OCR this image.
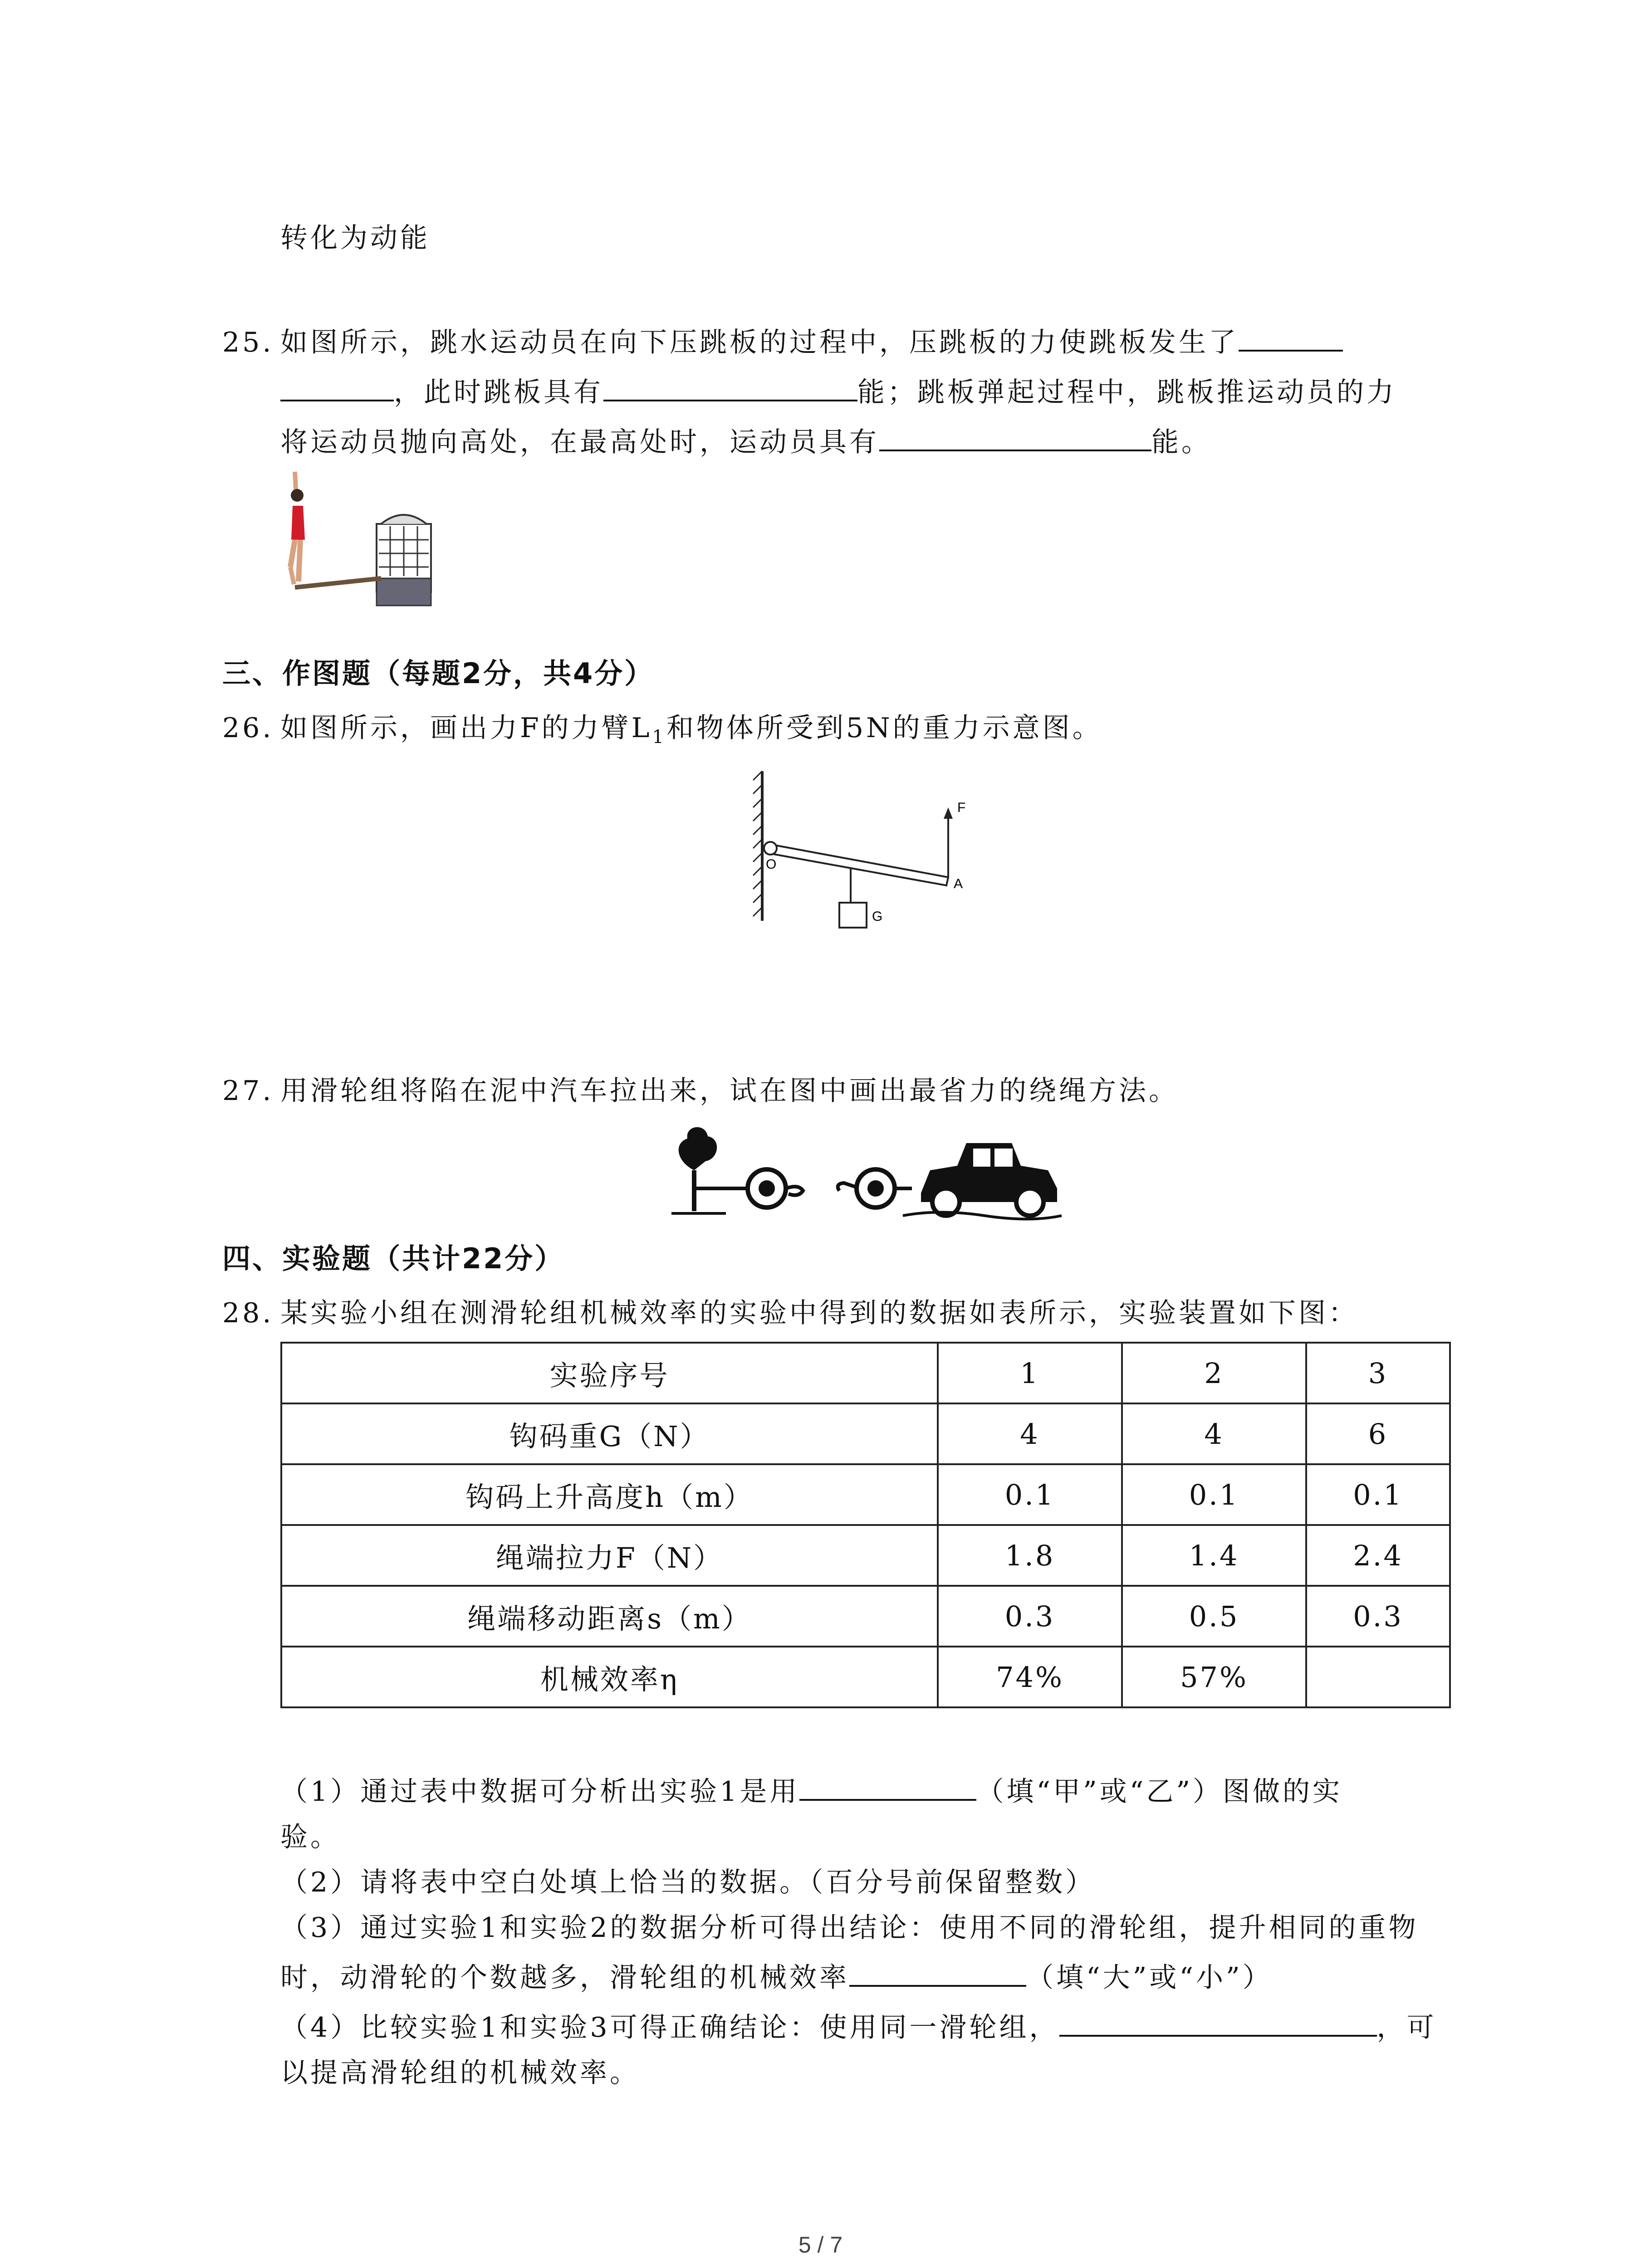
转化为动能
25. 如图所示，跳水运动员在向下压跳板的过程中，压跳板的力使跳板发生了
，此时跳板具有	能；跳板弹起过程中，跳板推运动员的力
将运动员抛向高处，在最高处时，运动员具有	能。
三、作图题（每题2分，共4分）
26. 如图所示，画出力F的力臂$L_1$和物体所受到5N的重力示意图。
F
O
A
G
27. 用滑轮组将陷在泥中汽车拉出来，试在图中画出最省力的绕绳方法。
四、实验题（共计22分）
28. 某实验小组在测滑轮组机械效率的实验中得到的数据如表所示，实验装置如下图：
实验序号	1	2	3
钩码重G（N）	4	4	6
钩码上升高度h（m）	0.1	0.1	0.1
绳端拉力F（N）	1.8	1.4	2.4
绳端移动距离s（m）	0.3	0.5	0.3
机械效率η	74%	57%	
（1）通过表中数据可分析出实验1是用	（填“甲”或“乙”）图做的实
验。
（2）请将表中空白处填上恰当的数据。（百分号前保留整数）
（3）通过实验1和实验2的数据分析可得出结论：使用不同的滑轮组，提升相同的重物
时，动滑轮的个数越多，滑轮组的机械效率	（填“大”或“小”）
（4）比较实验1和实验3可得正确结论：使用同一滑轮组，	，可
以提高滑轮组的机械效率。
5 / 7
